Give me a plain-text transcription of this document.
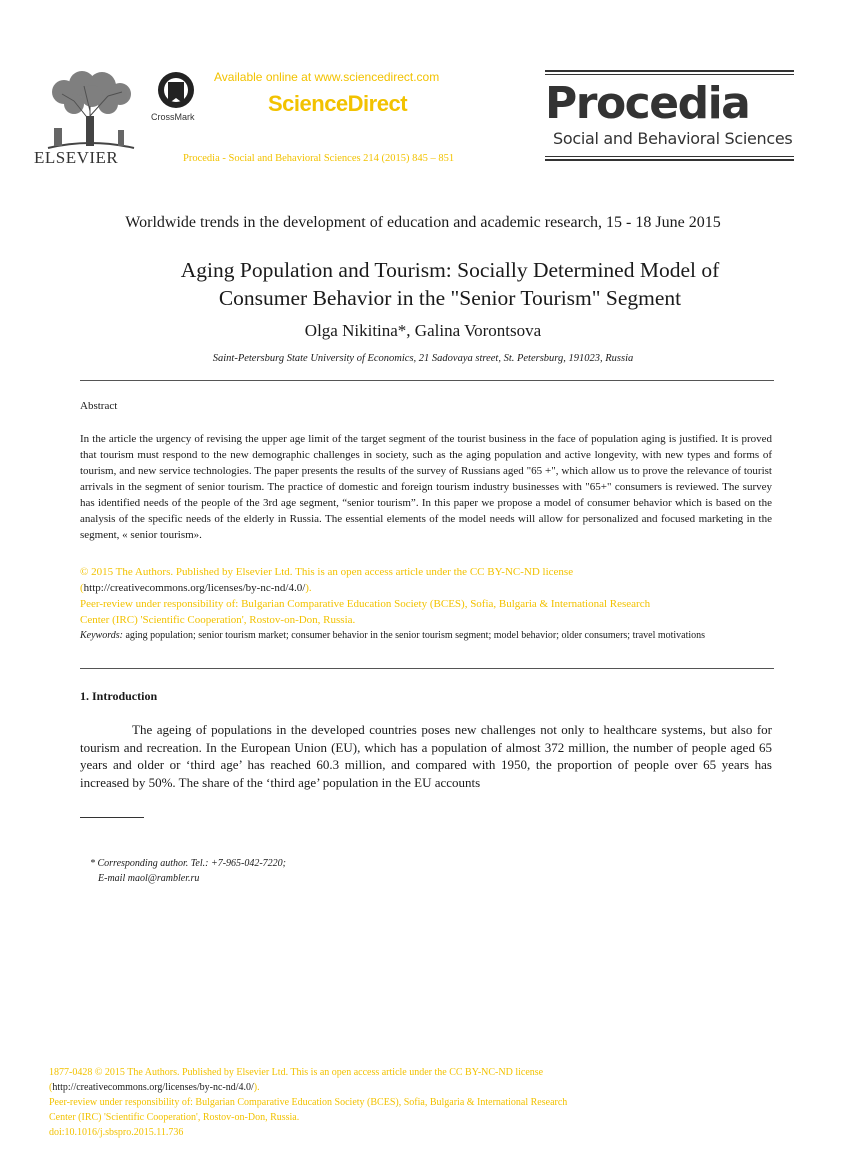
ELSEVIER
CrossMark
Available online at www.sciencedirect.com
ScienceDirect
Procedia - Social and Behavioral Sciences 214 (2015) 845 – 851
Procedia
Social and Behavioral Sciences
Worldwide trends in the development of education and academic research, 15 - 18 June 2015
Aging Population and Tourism: Socially Determined Model of
Consumer Behavior in the "Senior Tourism" Segment
Olga Nikitina*, Galina Vorontsova
Saint-Petersburg State University of Economics, 21 Sadovaya street, St. Petersburg, 191023, Russia
Abstract
In the article the urgency of revising the upper age limit of the target segment of the tourist business in the face of population aging is justified. It is proved that tourism must respond to the new demographic challenges in society, such as the aging population and active longevity, with new types and forms of tourism, and new service technologies. The paper presents the results of the survey of Russians aged "65 +", which allow us to prove the relevance of tourist arrivals in the segment of senior tourism. The practice of domestic and foreign tourism industry businesses with "65+" consumers is reviewed. The survey has identified needs of the people of the 3rd age segment, “senior tourism”. In this paper we propose a model of consumer behavior which is based on the analysis of the specific needs of the elderly in Russia. The essential elements of the model needs will allow for personalized and focused marketing in the segment, « senior tourism».
© 2015 The Authors. Published by Elsevier Ltd. This is an open access article under the CC BY-NC-ND license
(http://creativecommons.org/licenses/by-nc-nd/4.0/).
Peer-review under responsibility of: Bulgarian Comparative Education Society (BCES), Sofia, Bulgaria & International Research
Center (IRC) 'Scientific Cooperation', Rostov-on-Don, Russia.
Keywords: aging population; senior tourism market; consumer behavior in the senior tourism segment; model behavior; older consumers; travel motivations
1. Introduction
The ageing of populations in the developed countries poses new challenges not only to healthcare systems, but also for tourism and recreation. In the European Union (EU), which has a population of almost 372 million, the number of people aged 65 years and older or ‘third age’ has reached 60.3 million, and compared with 1950, the proportion of people over 65 years has increased by 50%. The share of the ‘third age’ population in the EU accounts
* Corresponding author. Tel.: +7-965-042-7220;
E-mail maol@rambler.ru
1877-0428 © 2015 The Authors. Published by Elsevier Ltd. This is an open access article under the CC BY-NC-ND license
(http://creativecommons.org/licenses/by-nc-nd/4.0/).
Peer-review under responsibility of: Bulgarian Comparative Education Society (BCES), Sofia, Bulgaria & International Research
Center (IRC) 'Scientific Cooperation', Rostov-on-Don, Russia.
doi:10.1016/j.sbspro.2015.11.736
